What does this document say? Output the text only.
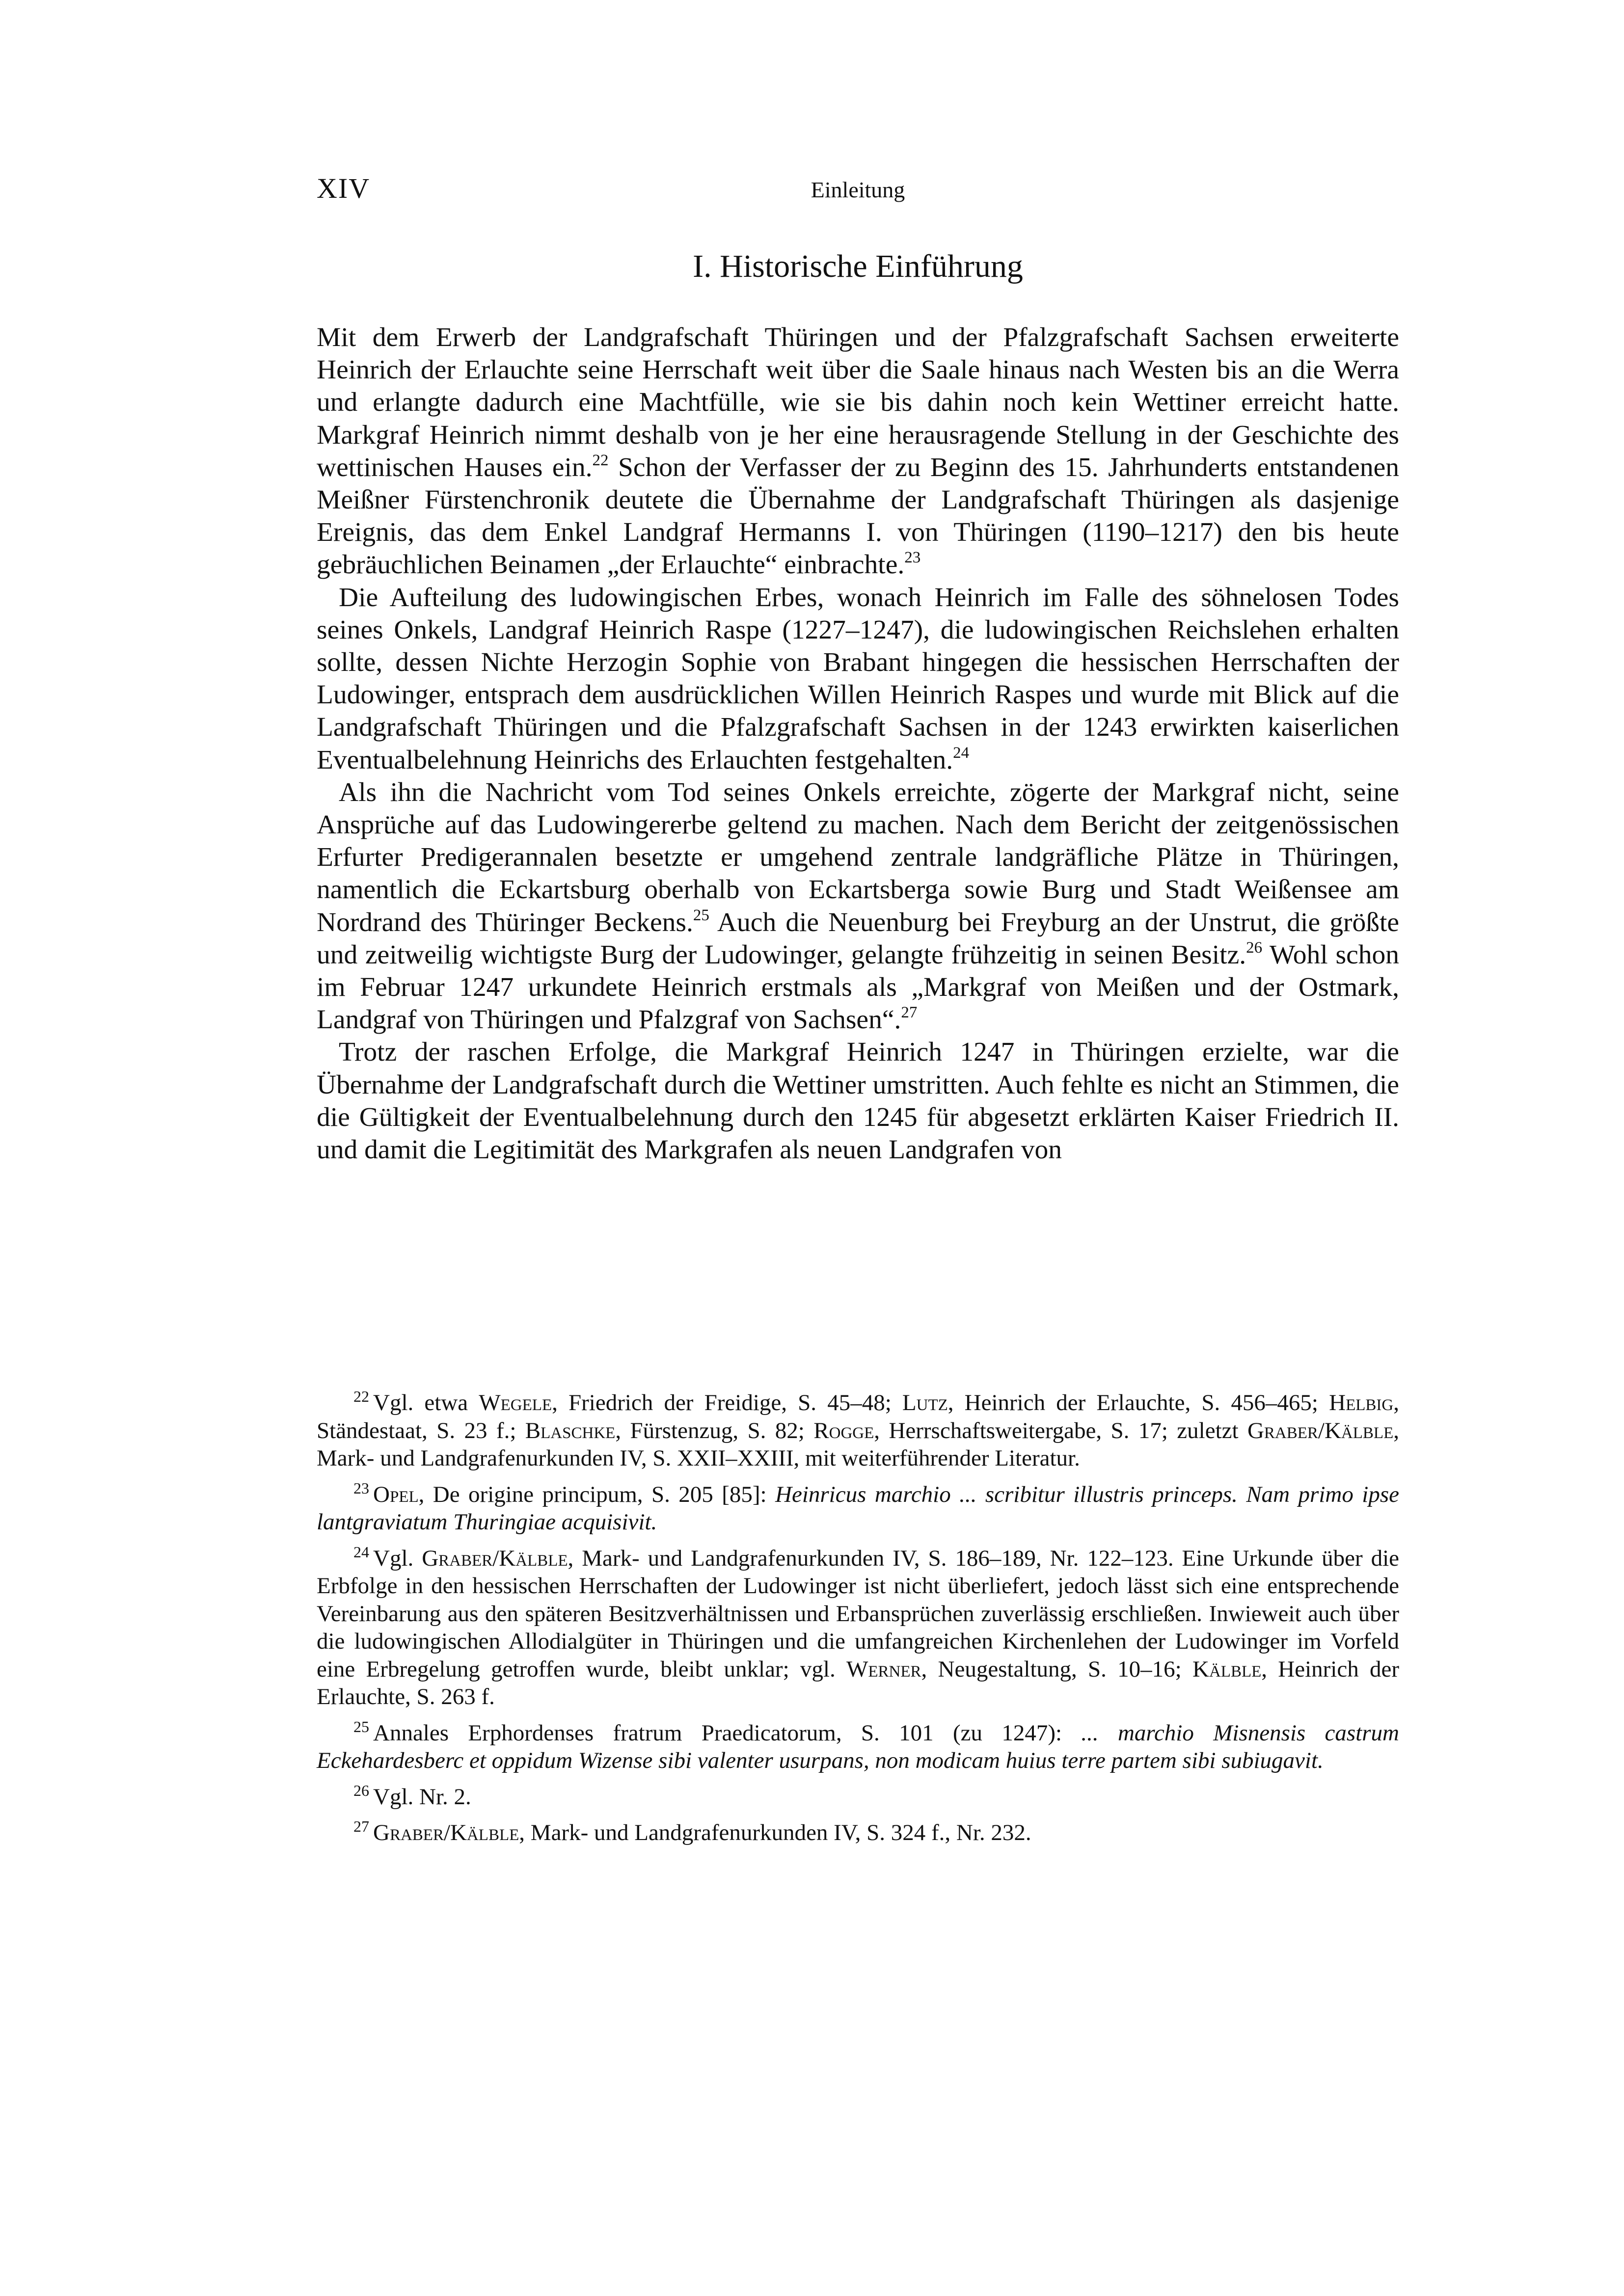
XIV	Einleitung
I. Historische Einführung

Mit dem Erwerb der Landgrafschaft Thüringen und der Pfalzgrafschaft Sachsen erweiterte Heinrich der Erlauchte seine Herrschaft weit über die Saale hinaus nach Westen bis an die Werra und erlangte dadurch eine Machtfülle, wie sie bis dahin noch kein Wettiner erreicht hatte. Markgraf Heinrich nimmt deshalb von je her eine herausragende Stellung in der Geschichte des wettinischen Hauses ein.$^{22}$ Schon der Verfasser der zu Beginn des 15. Jahrhunderts entstandenen Meißner Fürstenchronik deutete die Übernahme der Landgrafschaft Thüringen als dasjenige Ereignis, das dem Enkel Landgraf Hermanns I. von Thüringen (1190–1217) den bis heute gebräuchlichen Beinamen „der Erlauchte“ einbrachte.$^{23}$

Die Aufteilung des ludowingischen Erbes, wonach Heinrich im Falle des söhnelosen Todes seines Onkels, Landgraf Heinrich Raspe (1227–1247), die ludowingischen Reichslehen erhalten sollte, dessen Nichte Herzogin Sophie von Brabant hingegen die hessischen Herrschaften der Ludowinger, entsprach dem ausdrücklichen Willen Heinrich Raspes und wurde mit Blick auf die Landgrafschaft Thüringen und die Pfalzgrafschaft Sachsen in der 1243 erwirkten kaiserlichen Eventualbelehnung Heinrichs des Erlauchten festgehalten.$^{24}$

Als ihn die Nachricht vom Tod seines Onkels erreichte, zögerte der Markgraf nicht, seine Ansprüche auf das Ludowingererbe geltend zu machen. Nach dem Bericht der zeitgenössischen Erfurter Predigerannalen besetzte er umgehend zentrale landgräfliche Plätze in Thüringen, namentlich die Eckartsburg oberhalb von Eckartsberga sowie Burg und Stadt Weißensee am Nordrand des Thüringer Beckens.$^{25}$ Auch die Neuenburg bei Freyburg an der Unstrut, die größte und zeitweilig wichtigste Burg der Ludowinger, gelangte frühzeitig in seinen Besitz.$^{26}$ Wohl schon im Februar 1247 urkundete Heinrich erstmals als „Markgraf von Meißen und der Ostmark, Landgraf von Thüringen und Pfalzgraf von Sachsen“.$^{27}$

Trotz der raschen Erfolge, die Markgraf Heinrich 1247 in Thüringen erzielte, war die Übernahme der Landgrafschaft durch die Wettiner umstritten. Auch fehlte es nicht an Stimmen, die die Gültigkeit der Eventualbelehnung durch den 1245 für abgesetzt erklärten Kaiser Friedrich II. und damit die Legitimität des Markgrafen als neuen Landgrafen von

$^{22}$ Vgl. etwa Wegele, Friedrich der Freidige, S. 45–48; Lutz, Heinrich der Erlauchte, S. 456–465; Helbig, Ständestaat, S. 23 f.; Blaschke, Fürstenzug, S. 82; Rogge, Herrschaftsweitergabe, S. 17; zuletzt Graber/Kälble, Mark- und Landgrafenurkunden IV, S. XXII–XXIII, mit weiterführender Literatur.

$^{23}$ Opel, De origine principum, S. 205 [85]: Heinricus marchio ... scribitur illustris princeps. Nam primo ipse lantgraviatum Thuringiae acquisivit.

$^{24}$ Vgl. Graber/Kälble, Mark- und Landgrafenurkunden IV, S. 186–189, Nr. 122–123. Eine Urkunde über die Erbfolge in den hessischen Herrschaften der Ludowinger ist nicht überliefert, jedoch lässt sich eine entsprechende Vereinbarung aus den späteren Besitzverhältnissen und Erbansprüchen zuverlässig erschließen. Inwieweit auch über die ludowingischen Allodialgüter in Thüringen und die umfangreichen Kirchenlehen der Ludowinger im Vorfeld eine Erbregelung getroffen wurde, bleibt unklar; vgl. Werner, Neugestaltung, S. 10–16; Kälble, Heinrich der Erlauchte, S. 263 f.

$^{25}$ Annales Erphordenses fratrum Praedicatorum, S. 101 (zu 1247): ... marchio Misnensis castrum Eckehardesberc et oppidum Wizense sibi valenter usurpans, non modicam huius terre partem sibi subiugavit.

$^{26}$ Vgl. Nr. 2.

$^{27}$ Graber/Kälble, Mark- und Landgrafenurkunden IV, S. 324 f., Nr. 232.
